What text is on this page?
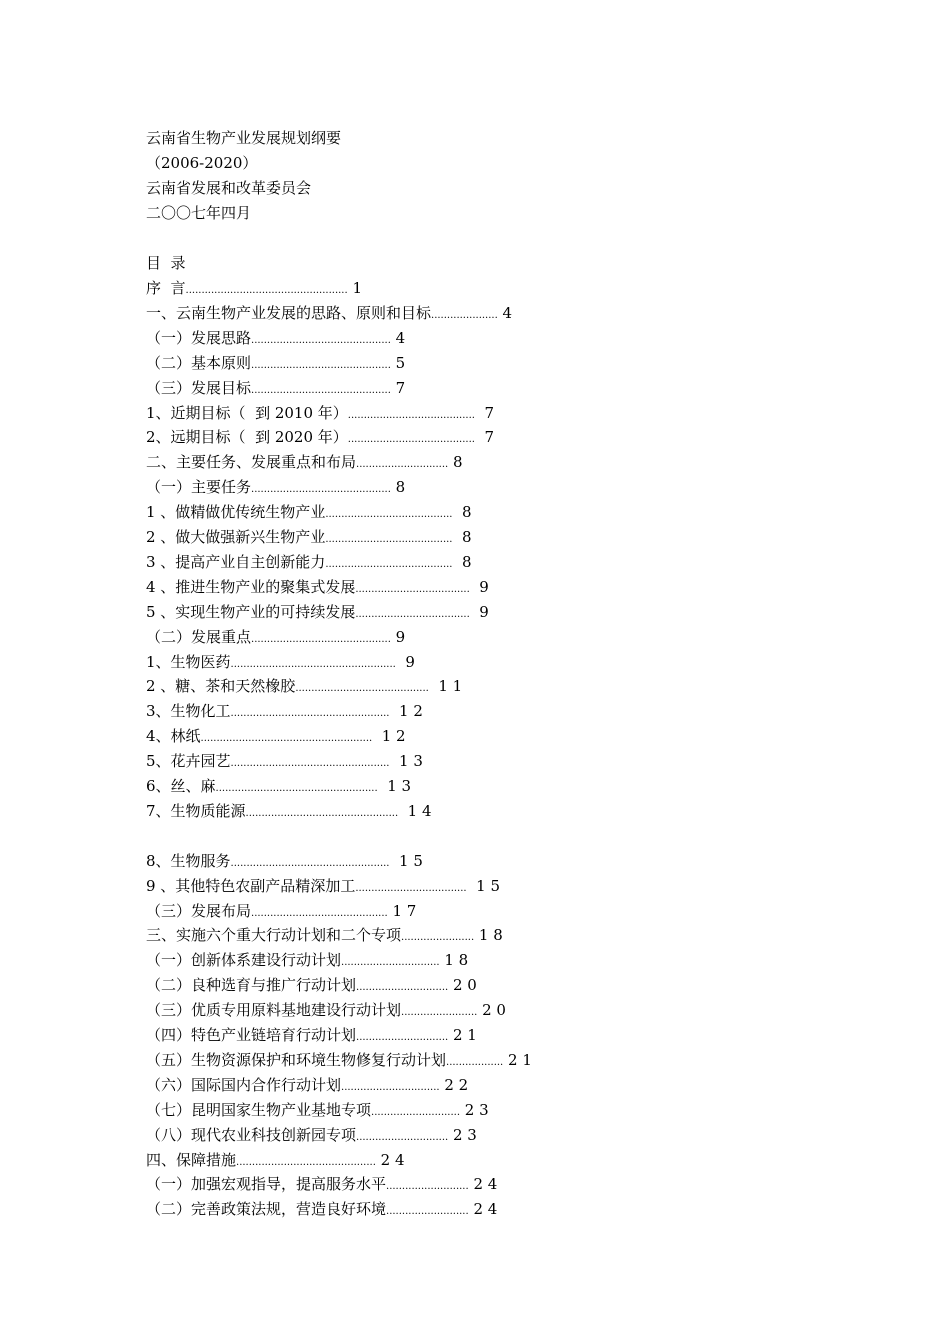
云南省生物产业发展规划纲要
（2006-2020）
云南省发展和改革委员会
二〇〇七年四月
目  录
序  言................................................... 1
一、云南生物产业发展的思路、原则和目标..................... 4
（一）发展思路............................................ 4
（二）基本原则............................................ 5
（三）发展目标............................................ 7
1、近期目标（  到 2010 年）........................................  7
2、远期目标（  到 2020 年）........................................  7
二、主要任务、发展重点和布局............................. 8
（一）主要任务............................................ 8
1 、做精做优传统生物产业........................................  8
2 、做大做强新兴生物产业........................................  8
3 、提高产业自主创新能力........................................  8
4 、推进生物产业的聚集式发展....................................  9
5 、实现生物产业的可持续发展....................................  9
（二）发展重点............................................ 9
1、生物医药....................................................  9
2 、糖、茶和天然橡胶..........................................  1 1
3、生物化工..................................................  1 2
4、林纸......................................................  1 2
5、花卉园艺..................................................  1 3
6、丝、麻...................................................  1 3
7、生物质能源................................................  1 4
8、生物服务..................................................  1 5
9 、其他特色农副产品精深加工...................................  1 5
（三）发展布局........................................... 1 7
三、实施六个重大行动计划和二个专项....................... 1 8
（一）创新体系建设行动计划............................... 1 8
（二）良种选育与推广行动计划............................. 2 0
（三）优质专用原料基地建设行动计划........................ 2 0
（四）特色产业链培育行动计划............................. 2 1
（五）生物资源保护和环境生物修复行动计划.................. 2 1
（六）国际国内合作行动计划............................... 2 2
（七）昆明国家生物产业基地专项............................ 2 3
（八）现代农业科技创新园专项............................. 2 3
四、保障措施............................................ 2 4
（一）加强宏观指导，提高服务水平.......................... 2 4
（二）完善政策法规，营造良好环境.......................... 2 4
